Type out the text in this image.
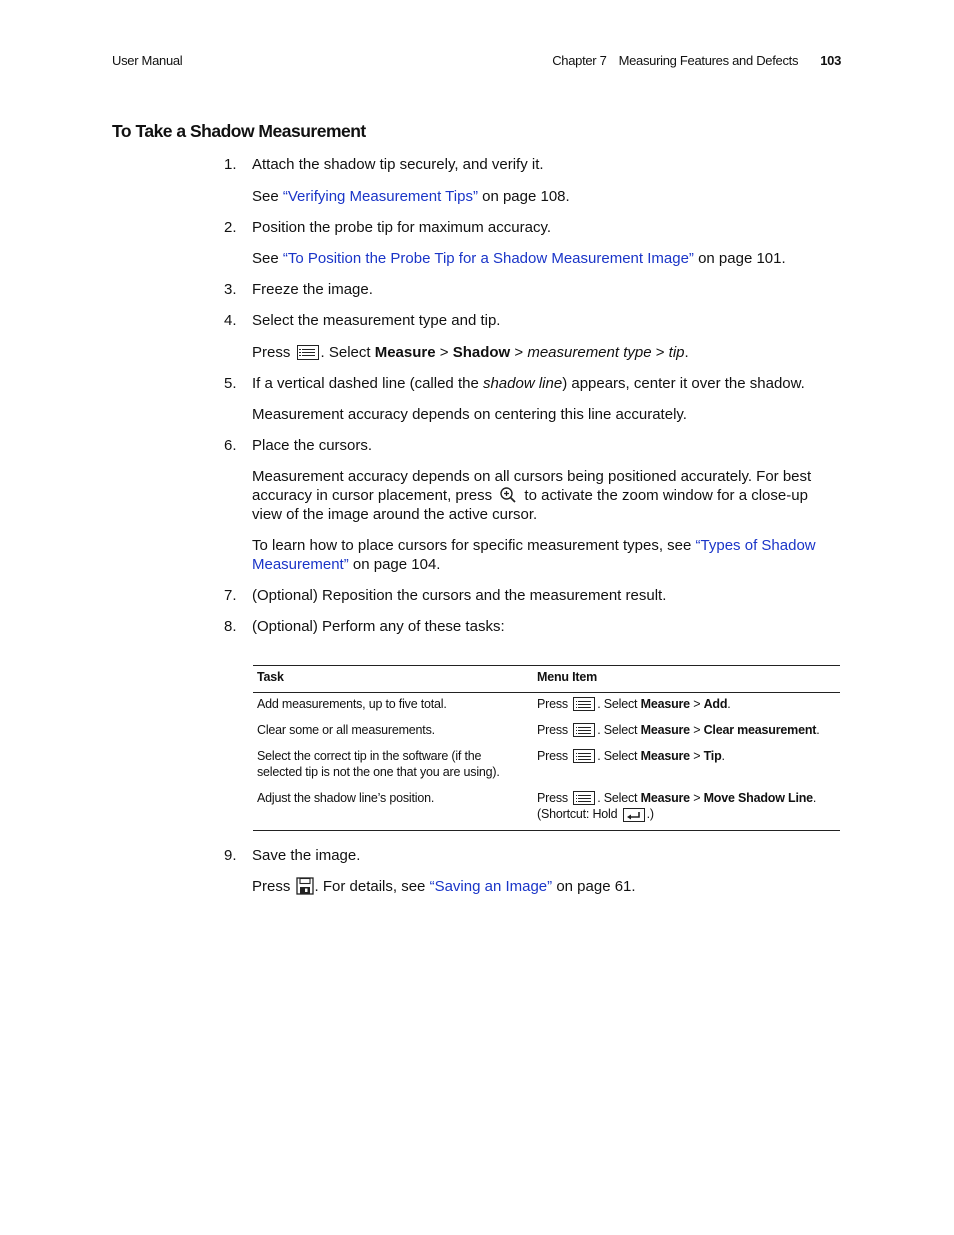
User Manual	Chapter 7 Measuring Features and Defects 103
To Take a Shadow Measurement
1. Attach the shadow tip securely, and verify it.
See “Verifying Measurement Tips” on page 108.
2. Position the probe tip for maximum accuracy.
See “To Position the Probe Tip for a Shadow Measurement Image” on page 101.
3. Freeze the image.
4. Select the measurement type and tip.
Press
. Select Measure > Shadow > measurement type > tip.
5. If a vertical dashed line (called the shadow line) appears, center it over the shadow.
Measurement accuracy depends on centering this line accurately.
6. Place the cursors.
Measurement accuracy depends on all cursors being positioned accurately. For best accuracy in cursor placement, press  to activate the zoom window for a close-up view of the image around the active cursor.
To learn how to place cursors for specific measurement types, see “Types of Shadow Measurement” on page 104.
7. (Optional) Reposition the cursors and the measurement result.
8. (Optional) Perform any of these tasks:
Task	Menu Item
Add measurements, up to five total.	Press
. Select Measure > Add.
Clear some or all measurements.	Press
. Select Measure > Clear measurement.
Select the correct tip in the software (if the selected tip is not the one that you are using).	Press
. Select Measure > Tip.
Adjust the shadow line’s position.	Press
. Select Measure > Move Shadow Line.
(Shortcut: Hold
.)
9. Save the image.
Press . For details, see “Saving an Image” on page 61.
